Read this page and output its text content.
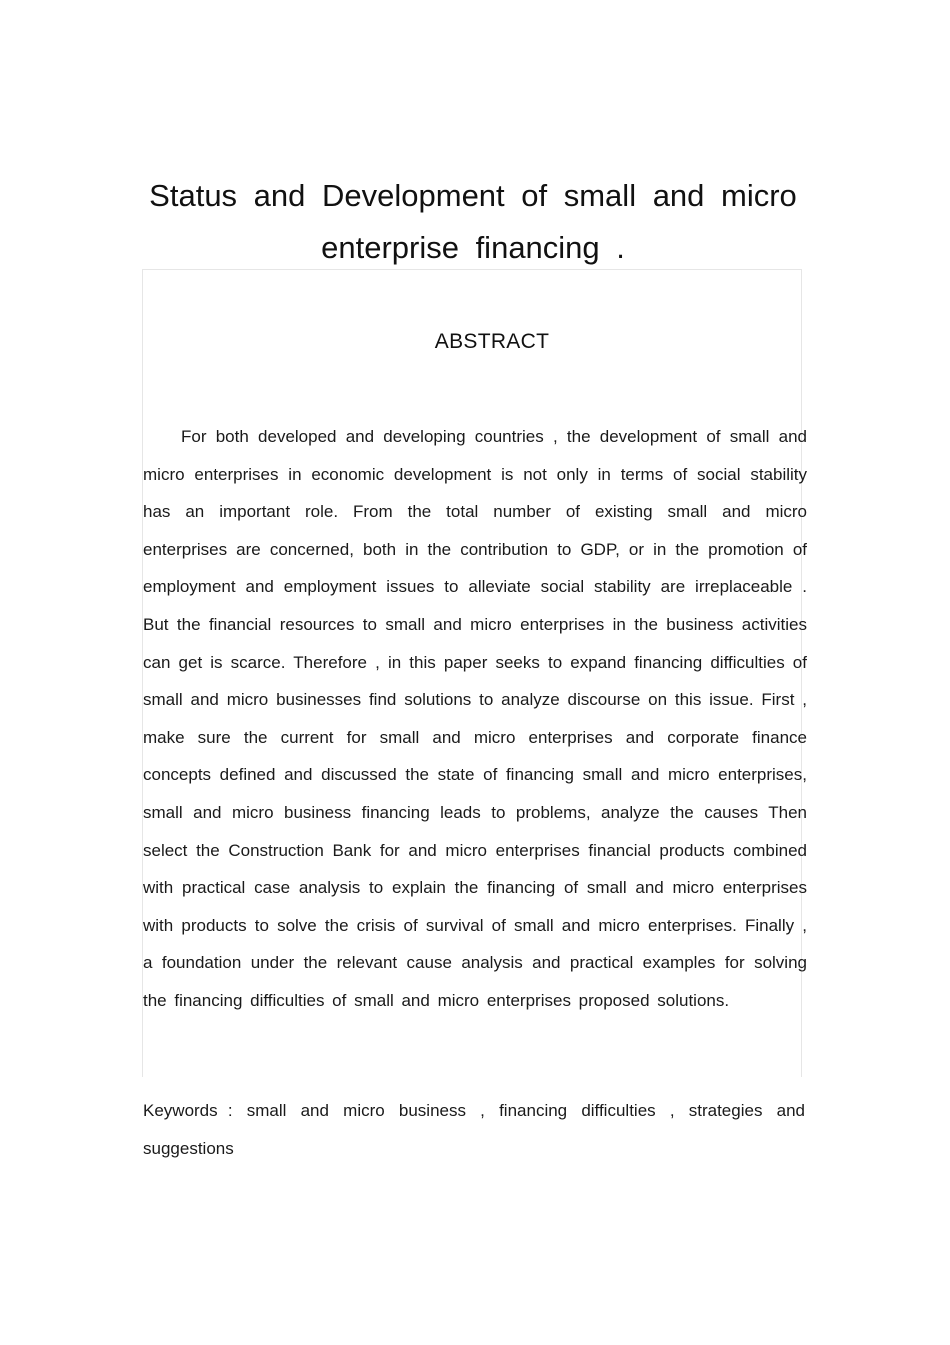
Status and Development of small and micro
enterprise financing .
ABSTRACT

For both developed and developing countries , the development of small and micro enterprises in economic development is not only in terms of social stability has an important role. From the total number of existing small and micro enterprises are concerned, both in the contribution to GDP, or in the promotion of employment and employment issues to alleviate social stability are irreplaceable . But the financial resources to small and micro enterprises in the business activities can get is scarce. Therefore , in this paper seeks to expand financing difficulties of small and micro businesses find solutions to analyze discourse on this issue. First , make sure the current for small and micro enterprises and corporate finance concepts defined and discussed the state of financing small and micro enterprises, small and micro business financing leads to problems, analyze the causes Then select the Construction Bank for and micro enterprises financial products combined with practical case analysis to explain the financing of small and micro enterprises with products to solve the crisis of survival of small and micro enterprises. Finally , a foundation under the relevant cause analysis and practical examples for solving the financing difficulties of small and micro enterprises proposed solutions.

Keywords : small and micro business , financing difficulties , strategies and suggestions
